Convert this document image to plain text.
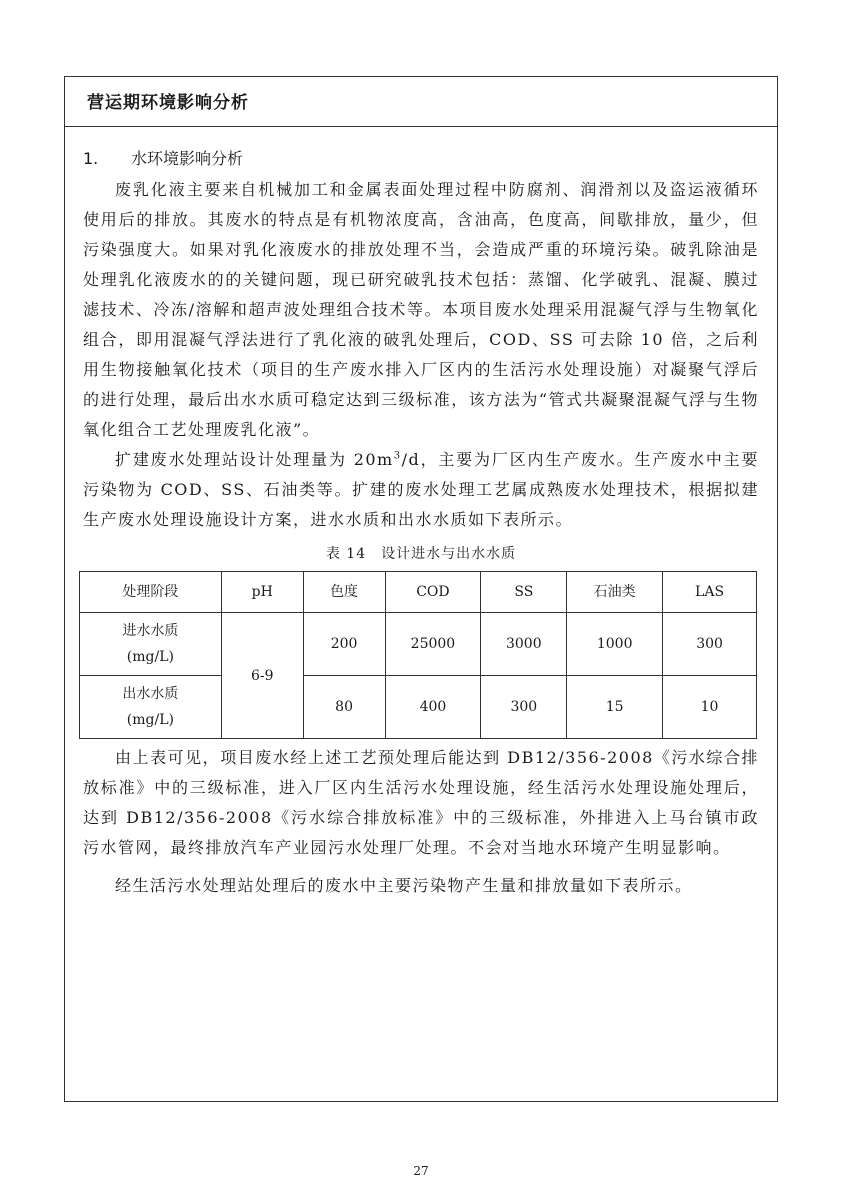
营运期环境影响分析
1. 水环境影响分析

废乳化液主要来自机械加工和金属表面处理过程中防腐剂、润滑剂以及盗运液循环使用后的排放。其废水的特点是有机物浓度高，含油高，色度高，间歇排放，量少，但污染强度大。如果对乳化液废水的排放处理不当，会造成严重的环境污染。破乳除油是处理乳化液废水的的关键问题，现已研究破乳技术包括：蒸馏、化学破乳、混凝、膜过滤技术、冷冻/溶解和超声波处理组合技术等。本项目废水处理采用混凝气浮与生物氧化组合，即用混凝气浮法进行了乳化液的破乳处理后，COD、SS 可去除 10 倍，之后利用生物接触氧化技术（项目的生产废水排入厂区内的生活污水处理设施）对凝聚气浮后的进行处理，最后出水水质可稳定达到三级标准，该方法为“管式共凝聚混凝气浮与生物氧化组合工艺处理废乳化液”。

扩建废水处理站设计处理量为 $20m^3/d$，主要为厂区内生产废水。生产废水中主要污染物为 COD、SS、石油类等。扩建的废水处理工艺属成熟废水处理技术，根据拟建生产废水处理设施设计方案，进水水质和出水水质如下表所示。

表 14　设计进水与出水水质
处理阶段	pH	色度	COD	SS	石油类	LAS

进水水质
(mg/L)	6-9	200	25000	3000	1000	300

出水水质
(mg/L)		80	400	300	15	10

由上表可见，项目废水经上述工艺预处理后能达到 DB12/356-2008《污水综合排放标准》中的三级标准，进入厂区内生活污水处理设施，经生活污水处理设施处理后，达到 DB12/356-2008《污水综合排放标准》中的三级标准，外排进入上马台镇市政污水管网，最终排放汽车产业园污水处理厂处理。不会对当地水环境产生明显影响。

经生活污水处理站处理后的废水中主要污染物产生量和排放量如下表所示。

27
